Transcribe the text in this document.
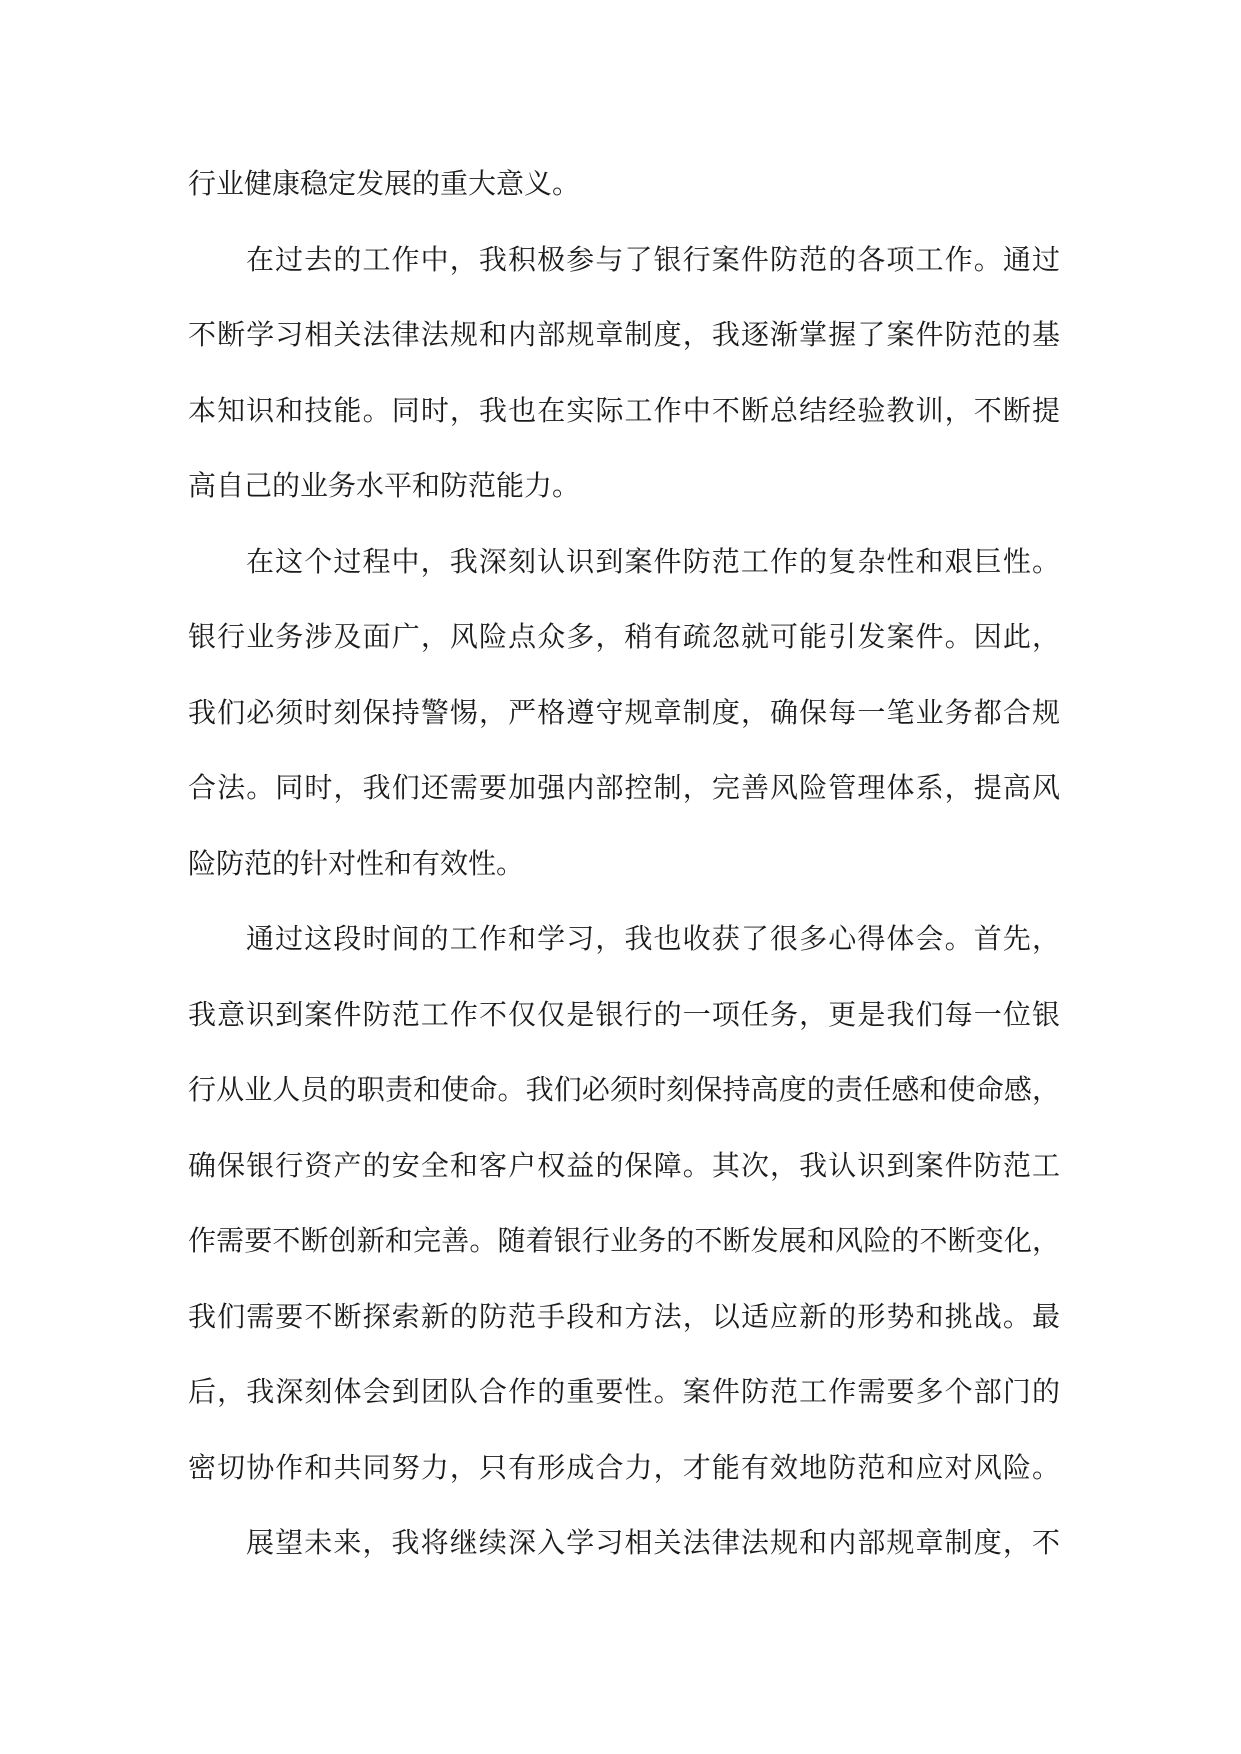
行业健康稳定发展的重大意义。
在过去的工作中，我积极参与了银行案件防范的各项工作。通过
不断学习相关法律法规和内部规章制度，我逐渐掌握了案件防范的基
本知识和技能。同时，我也在实际工作中不断总结经验教训，不断提
高自己的业务水平和防范能力。
在这个过程中，我深刻认识到案件防范工作的复杂性和艰巨性。
银行业务涉及面广，风险点众多，稍有疏忽就可能引发案件。因此，
我们必须时刻保持警惕，严格遵守规章制度，确保每一笔业务都合规
合法。同时，我们还需要加强内部控制，完善风险管理体系，提高风
险防范的针对性和有效性。
通过这段时间的工作和学习，我也收获了很多心得体会。首先，
我意识到案件防范工作不仅仅是银行的一项任务，更是我们每一位银
行从业人员的职责和使命。我们必须时刻保持高度的责任感和使命感，
确保银行资产的安全和客户权益的保障。其次，我认识到案件防范工
作需要不断创新和完善。随着银行业务的不断发展和风险的不断变化，
我们需要不断探索新的防范手段和方法，以适应新的形势和挑战。最
后，我深刻体会到团队合作的重要性。案件防范工作需要多个部门的
密切协作和共同努力，只有形成合力，才能有效地防范和应对风险。
展望未来，我将继续深入学习相关法律法规和内部规章制度，不
